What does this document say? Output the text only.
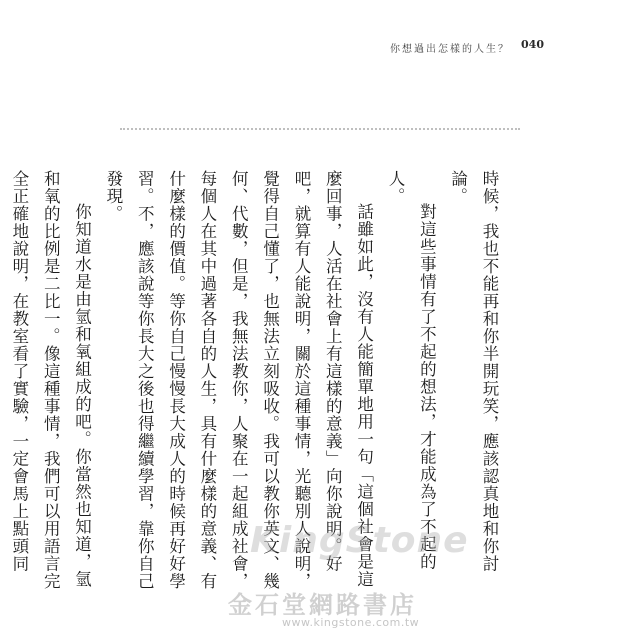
你想過出怎樣的人生？ 040

時候，我也不能再和你半開玩笑，應該認真地和你討論。

對這些事情有了不起的想法，才能成為了不起的人。

話雖如此，沒有人能簡單地用一句「這個社會是這麼回事，人活在社會上有這樣的意義」向你說明。好吧，就算有人能說明，關於這種事情，光聽別人說明，覺得自己懂了，也無法立刻吸收。我可以教你英文、幾何、代數，但是，我無法教你，人聚在一起組成社會，每個人在其中過著各自的人生，具有什麼樣的意義、有什麼樣的價值。等你自己慢慢長大成人的時候再好好學習。不，應該說等你長大之後也得繼續學習，靠你自己發現。

你知道水是由氫和氧組成的吧。你當然也知道，氫和氧的比例是二比一。像這種事情，我們可以用語言完全正確地說明，在教室看了實驗，一定會馬上點頭同

KingStone
金石堂網路書店
www.kingstone.com.tw
